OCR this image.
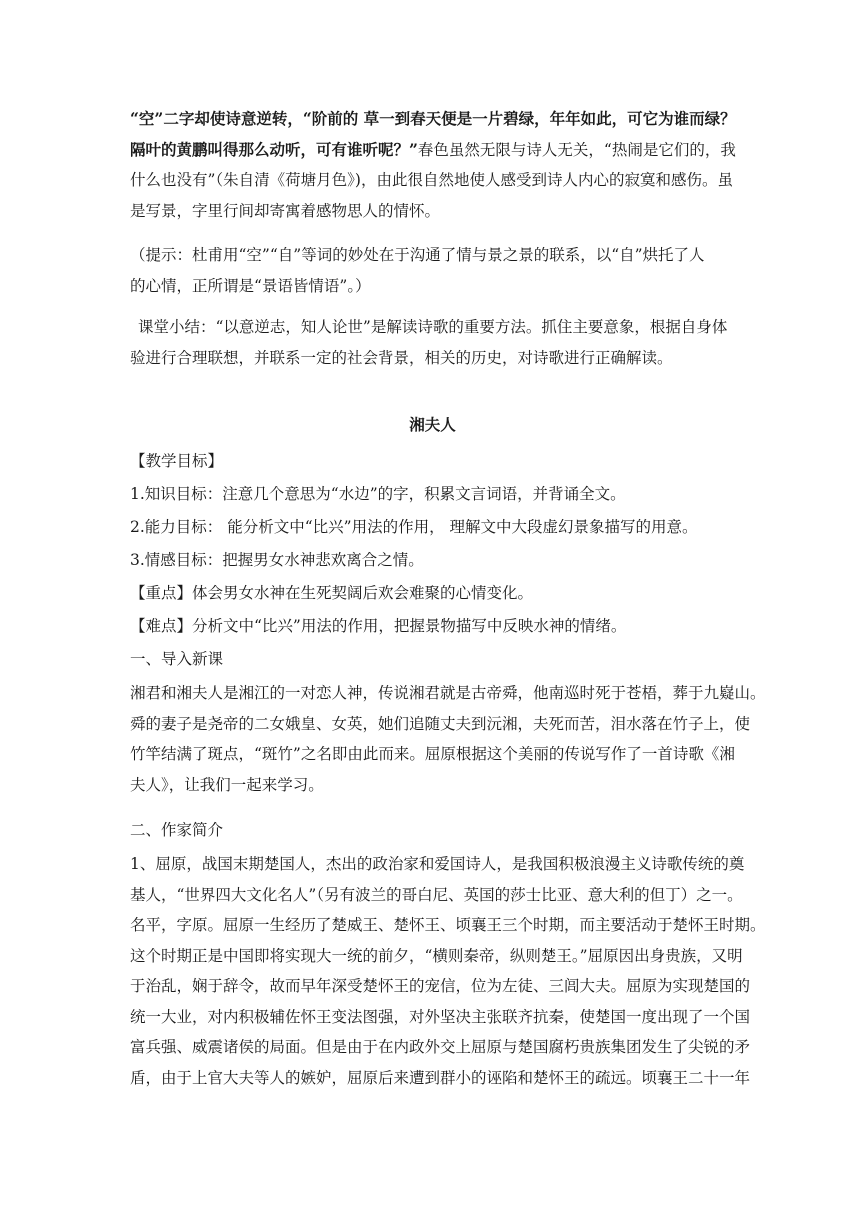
“空”二字却使诗意逆转，“阶前的 草一到春天便是一片碧绿，年年如此，可它为谁而绿？
隔叶的黄鹏叫得那么动听，可有谁听呢？”春色虽然无限与诗人无关，“热闹是它们的，我
什么也没有”（朱自清《荷塘月色》)，由此很自然地使人感受到诗人内心的寂寞和感伤。虽
是写景，字里行间却寄寓着感物思人的情怀。
（提示：杜甫用“空”“自”等词的妙处在于沟通了情与景之景的联系，以“自”烘托了人
的心情，正所谓是“景语皆情语”。）
课堂小结：“以意逆志，知人论世”是解读诗歌的重要方法。抓住主要意象，根据自身体
验进行合理联想，并联系一定的社会背景，相关的历史，对诗歌进行正确解读。
湘夫人
【教学目标】
1.知识目标：注意几个意思为“水边”的字，积累文言词语，并背诵全文。
2.能力目标： 能分析文中“比兴”用法的作用， 理解文中大段虚幻景象描写的用意。
3.情感目标：把握男女水神悲欢离合之情。
【重点】体会男女水神在生死契阔后欢会难聚的心情变化。
【难点】分析文中“比兴”用法的作用，把握景物描写中反映水神的情绪。
一、导入新课
湘君和湘夫人是湘江的一对恋人神，传说湘君就是古帝舜，他南巡时死于苍梧，葬于九嶷山。
舜的妻子是尧帝的二女娥皇、女英，她们追随丈夫到沅湘，夫死而苦，泪水落在竹子上，使
竹竿结满了斑点，“斑竹”之名即由此而来。屈原根据这个美丽的传说写作了一首诗歌《湘
夫人》，让我们一起来学习。
二、作家简介
1、屈原，战国末期楚国人，杰出的政治家和爱国诗人，是我国积极浪漫主义诗歌传统的奠
基人，“世界四大文化名人”（另有波兰的哥白尼、英国的莎士比亚、意大利的但丁）之一。
名平，字原。屈原一生经历了楚威王、楚怀王、顷襄王三个时期，而主要活动于楚怀王时期。
这个时期正是中国即将实现大一统的前夕，“横则秦帝，纵则楚王。”屈原因出身贵族，又明
于治乱，娴于辞令，故而早年深受楚怀王的宠信，位为左徒、三闾大夫。屈原为实现楚国的
统一大业，对内积极辅佐怀王变法图强，对外坚决主张联齐抗秦，使楚国一度出现了一个国
富兵强、威震诸侯的局面。但是由于在内政外交上屈原与楚国腐朽贵族集团发生了尖锐的矛
盾，由于上官大夫等人的嫉妒，屈原后来遭到群小的诬陷和楚怀王的疏远。顷襄王二十一年
